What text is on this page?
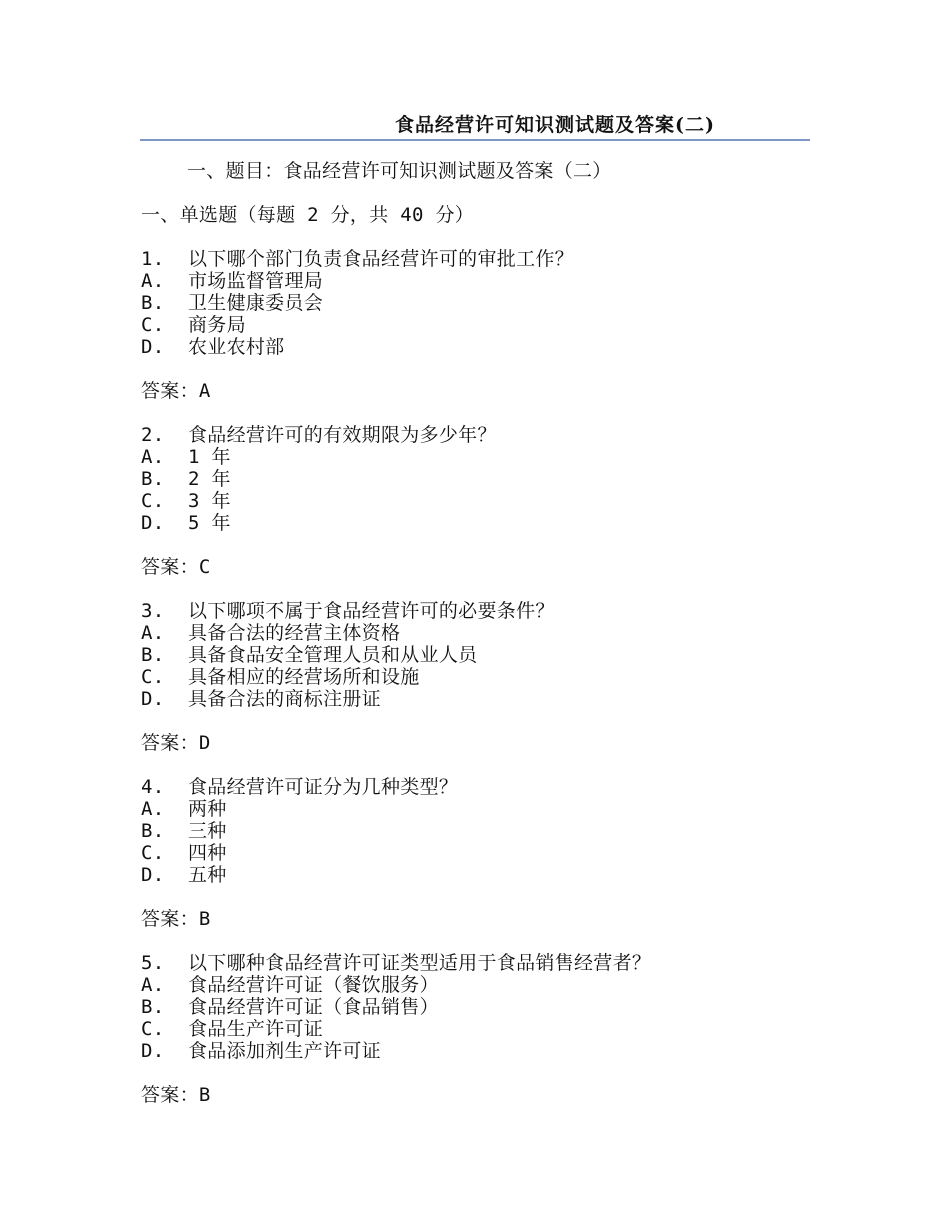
食品经营许可知识测试题及答案(二)
一、题目：食品经营许可知识测试题及答案（二）
一、单选题（每题 2 分，共 40 分）
1. 以下哪个部门负责食品经营许可的审批工作？
A. 市场监督管理局
B. 卫生健康委员会
C. 商务局
D. 农业农村部
答案：A
2. 食品经营许可的有效期限为多少年？
A. 1 年
B. 2 年
C. 3 年
D. 5 年
答案：C
3. 以下哪项不属于食品经营许可的必要条件？
A. 具备合法的经营主体资格
B. 具备食品安全管理人员和从业人员
C. 具备相应的经营场所和设施
D. 具备合法的商标注册证
答案：D
4. 食品经营许可证分为几种类型？
A. 两种
B. 三种
C. 四种
D. 五种
答案：B
5. 以下哪种食品经营许可证类型适用于食品销售经营者？
A. 食品经营许可证（餐饮服务）
B. 食品经营许可证（食品销售）
C. 食品生产许可证
D. 食品添加剂生产许可证
答案：B
